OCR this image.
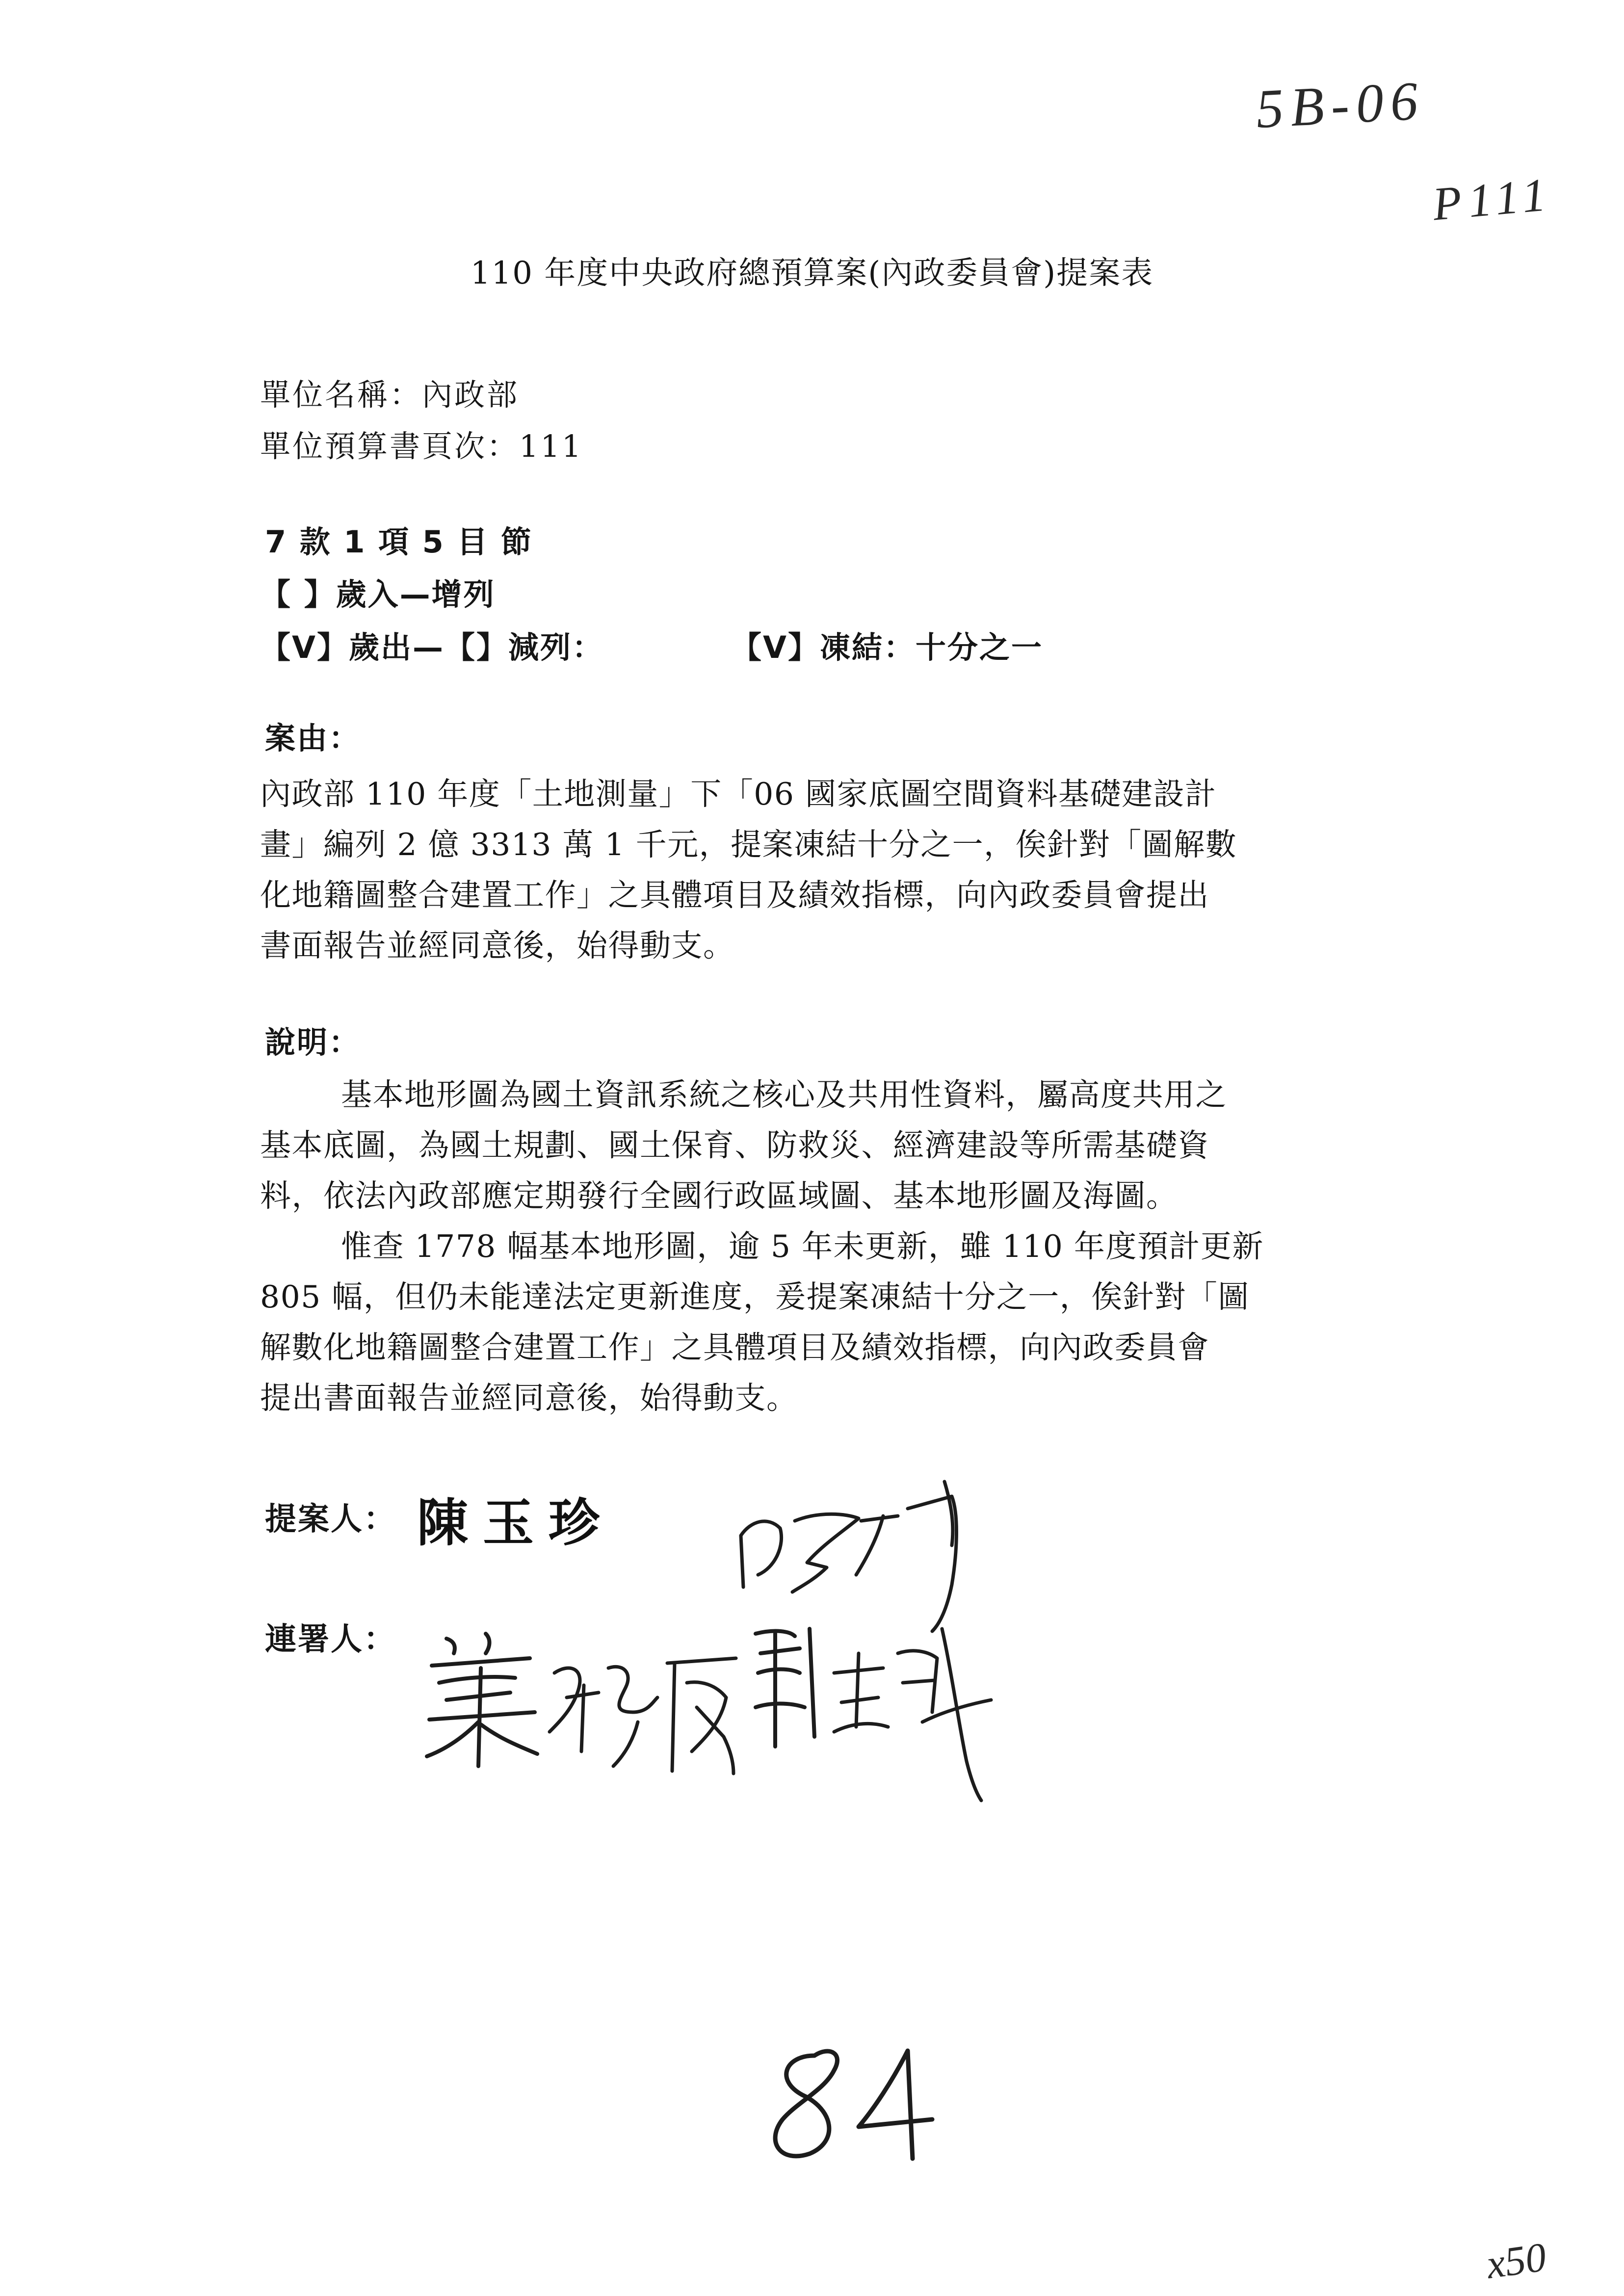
5B-06
P111
110 年度中央政府總預算案(內政委員會)提案表
單位名稱：內政部
單位預算書頁次：111
7 款 1 項 5 目 節
【 】歲入—增列
【V】歲出—【】減列：	【V】凍結：十分之一
案由：
內政部 110 年度「土地測量」下「06 國家底圖空間資料基礎建設計
畫」編列 2 億 3313 萬 1 千元，提案凍結十分之一，俟針對「圖解數
化地籍圖整合建置工作」之具體項目及績效指標，向內政委員會提出
書面報告並經同意後，始得動支。
說明：
基本地形圖為國土資訊系統之核心及共用性資料，屬高度共用之
基本底圖，為國土規劃、國土保育、防救災、經濟建設等所需基礎資
料，依法內政部應定期發行全國行政區域圖、基本地形圖及海圖。
惟查 1778 幅基本地形圖，逾 5 年未更新，雖 110 年度預計更新
805 幅，但仍未能達法定更新進度，爰提案凍結十分之一，俟針對「圖
解數化地籍圖整合建置工作」之具體項目及績效指標，向內政委員會
提出書面報告並經同意後，始得動支。
提案人： 陳玉珍
連署人：
x50
